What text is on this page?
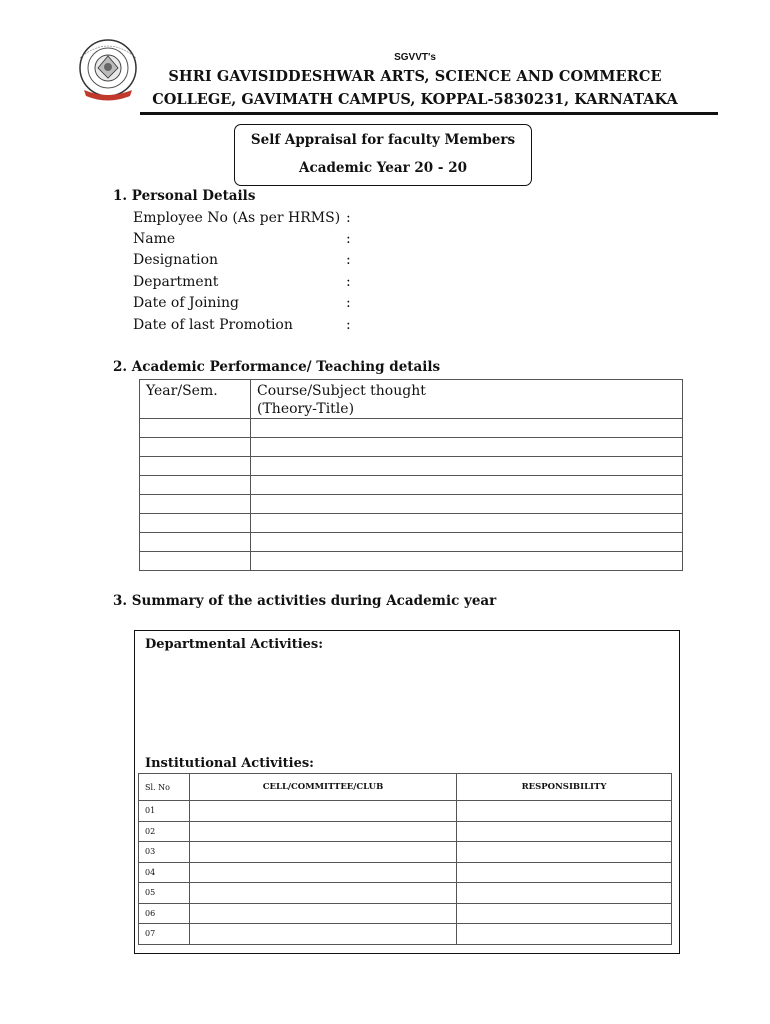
SGVVT's
SHRI GAVISIDDESHWAR ARTS, SCIENCE AND COMMERCE
COLLEGE, GAVIMATH CAMPUS, KOPPAL-5830231, KARNATAKA
Self Appraisal for faculty Members
Academic Year 20 - 20
1. Personal Details
Employee No (As per HRMS) :
Name	:
Designation	:
Department	:
Date of Joining	:
Date of last Promotion	:
2. Academic Performance/ Teaching details
Year/Sem.	Course/Subject thought
(Theory-Title)

3. Summary of the activities during Academic year
Departmental Activities:
Institutional Activities:
Sl. No	CELL/COMMITTEE/CLUB	RESPONSIBILITY
01		
02		
03		
04		
05		
06		
07		
